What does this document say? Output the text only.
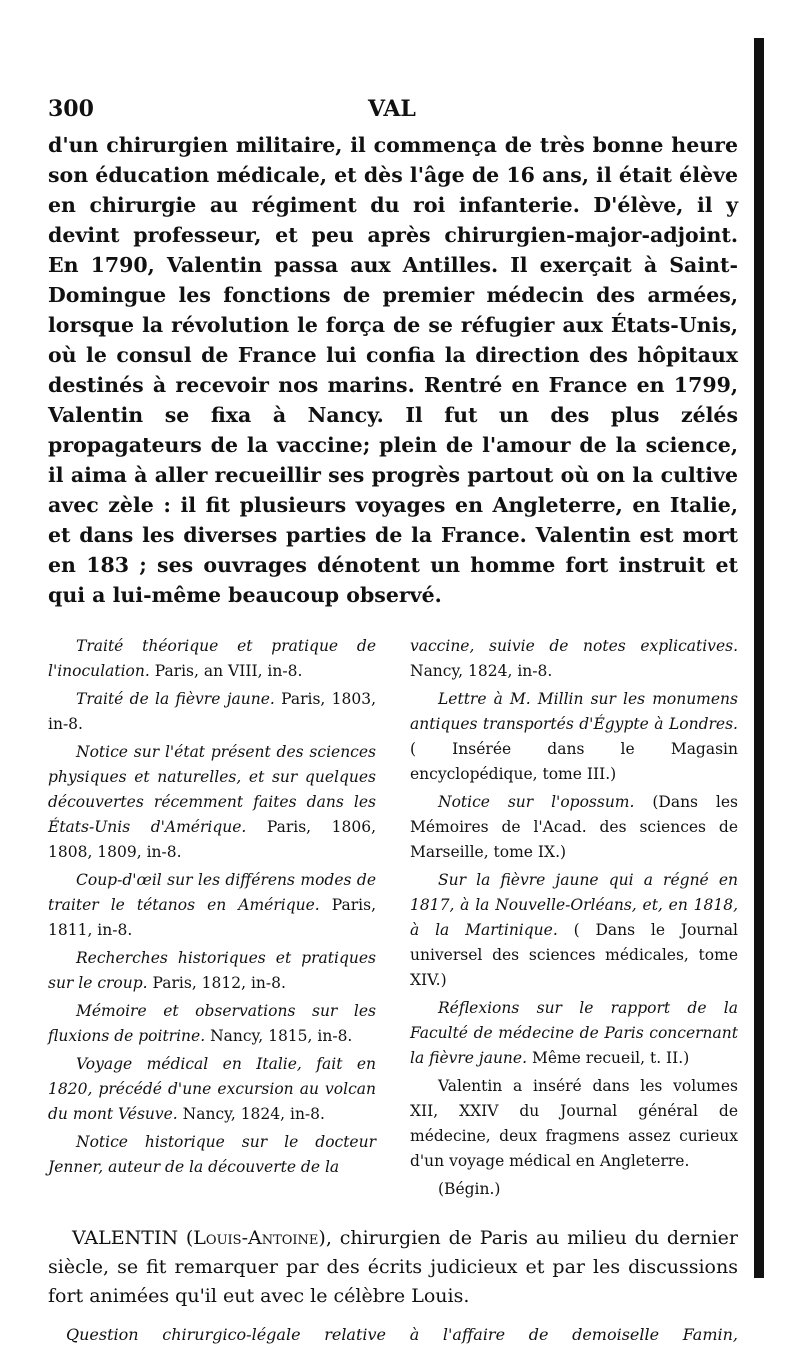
300	VAL

d'un chirurgien militaire, il commença de très bonne heure son éducation médicale, et dès l'âge de 16 ans, il était élève en chirurgie au régiment du roi infanterie. D'élève, il y devint professeur, et peu après chirurgien-major-adjoint. En 1790, Valentin passa aux Antilles. Il exerçait à Saint-Domingue les fonctions de premier médecin des armées, lorsque la révolution le força de se réfugier aux États-Unis, où le consul de France lui confia la direction des hôpitaux destinés à recevoir nos marins. Rentré en France en 1799, Valentin se fixa à Nancy. Il fut un des plus zélés propagateurs de la vaccine; plein de l'amour de la science, il aima à aller recueillir ses progrès partout où on la cultive avec zèle : il fit plusieurs voyages en Angleterre, en Italie, et dans les diverses parties de la France. Valentin est mort en 183 ; ses ouvrages dénotent un homme fort instruit et qui a lui-même beaucoup observé.

Traité théorique et pratique de l'inoculation. Paris, an VIII, in-8.

Traité de la fièvre jaune. Paris, 1803, in-8.

Notice sur l'état présent des sciences physiques et naturelles, et sur quelques découvertes récemment faites dans les États-Unis d'Amérique. Paris, 1806, 1808, 1809, in-8.

Coup-d'œil sur les différens modes de traiter le tétanos en Amérique. Paris, 1811, in-8.

Recherches historiques et pratiques sur le croup. Paris, 1812, in-8.

Mémoire et observations sur les fluxions de poitrine. Nancy, 1815, in-8.

Voyage médical en Italie, fait en 1820, précédé d'une excursion au volcan du mont Vésuve. Nancy, 1824, in-8.

Notice historique sur le docteur Jenner, auteur de la découverte de la

vaccine, suivie de notes explicatives. Nancy, 1824, in-8.

Lettre à M. Millin sur les monumens antiques transportés d'Égypte à Londres. ( Insérée dans le Magasin encyclopédique, tome III.)

Notice sur l'opossum. (Dans les Mémoires de l'Acad. des sciences de Marseille, tome IX.)

Sur la fièvre jaune qui a régné en 1817, à la Nouvelle-Orléans, et, en 1818, à la Martinique. ( Dans le Journal universel des sciences médicales, tome XIV.)

Réflexions sur le rapport de la Faculté de médecine de Paris concernant la fièvre jaune. Même recueil, t. II.)

Valentin a inséré dans les volumes XII, XXIV du Journal général de médecine, deux fragmens assez curieux d'un voyage médical en Angleterre.

(Bégin.)

VALENTIN (Louis-Antoine), chirurgien de Paris au milieu du dernier siècle, se fit remarquer par des écrits judicieux et par les discussions fort animées qu'il eut avec le célèbre Louis.
Question chirurgico-légale relative à l'affaire de demoiselle Famin,
